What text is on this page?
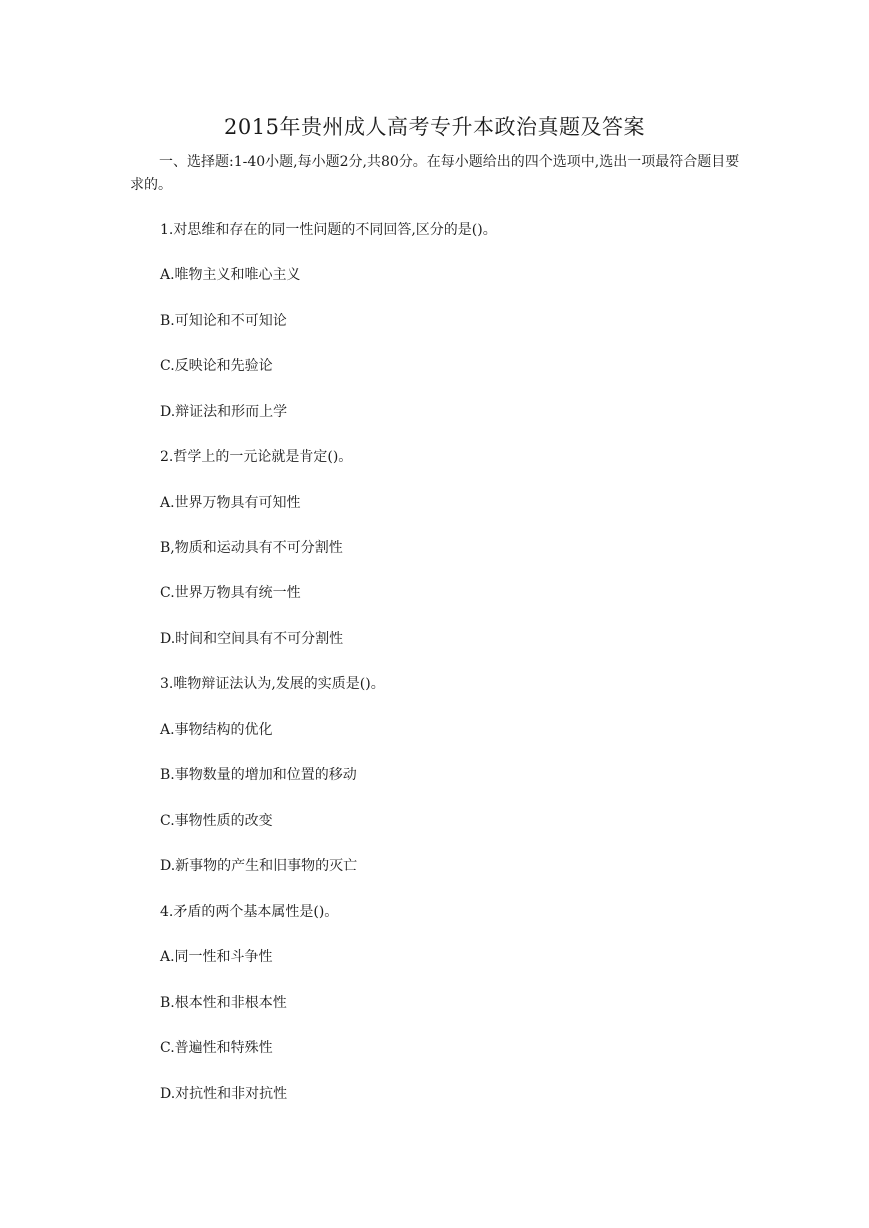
2015年贵州成人高考专升本政治真题及答案
一、选择题:1-40小题,每小题2分,共80分。在每小题给出的四个选项中,选出一项最符合题目要求的。
1.对思维和存在的同一性问题的不同回答,区分的是()。
A.唯物主义和唯心主义
B.可知论和不可知论
C.反映论和先验论
D.辩证法和形而上学
2.哲学上的一元论就是肯定()。
A.世界万物具有可知性
B,物质和运动具有不可分割性
C.世界万物具有统一性
D.时间和空间具有不可分割性
3.唯物辩证法认为,发展的实质是()。
A.事物结构的优化
B.事物数量的增加和位置的移动
C.事物性质的改变
D.新事物的产生和旧事物的灭亡
4.矛盾的两个基本属性是()。
A.同一性和斗争性
B.根本性和非根本性
C.普遍性和特殊性
D.对抗性和非对抗性
